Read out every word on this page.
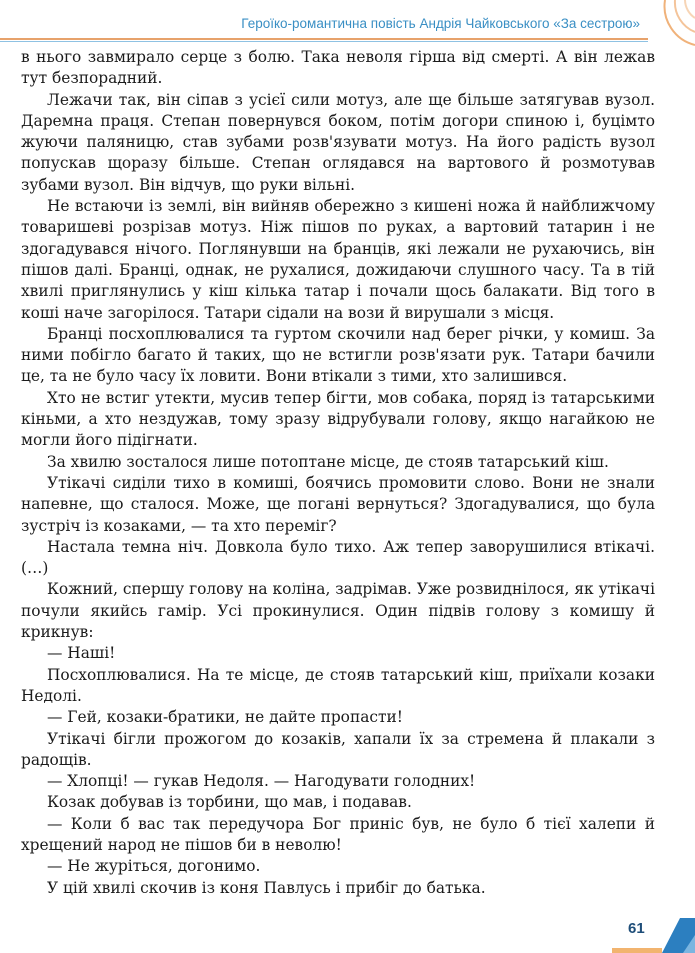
Героїко-романтична повість Андрія Чайковського «За сестрою»

в нього завмирало серце з болю. Така неволя гірша від смерті. А він лежав тут безпорадний.

Лежачи так, він сіпав з усієї сили мотуз, але ще більше затягував вузол. Даремна праця. Степан повернувся боком, потім догори спиною і, буцімто жуючи паляницю, став зубами розв'язувати мотуз. На його радість вузол попускав щоразу більше. Степан оглядався на вартового й розмотував зубами вузол. Він відчув, що руки вільні.

Не встаючи із землі, він вийняв обережно з кишені ножа й найближчому товаришеві розрізав мотуз. Ніж пішов по руках, а вартовий татарин і не здогадувався нічого. Поглянувши на бранців, які лежали не рухаючись, він пішов далі. Бранці, однак, не рухалися, дожидаючи слушного часу. Та в тій хвилі приглянулись у кіш кілька татар і почали щось балакати. Від того в коші наче загорілося. Татари сідали на вози й вирушали з місця.

Бранці посхоплювалися та гуртом скочили над берег річки, у комиш. За ними побігло багато й таких, що не встигли розв'язати рук. Татари бачили це, та не було часу їх ловити. Вони втікали з тими, хто залишився.

Хто не встиг утекти, мусив тепер бігти, мов собака, поряд із татарськими кіньми, а хто нездужав, тому зразу відрубували голову, якщо нагайкою не могли його підігнати.

За хвилю зосталося лише потоптане місце, де стояв татарський кіш.

Утікачі сиділи тихо в комиші, боячись промовити слово. Вони не знали напевне, що сталося. Може, ще погані вернуться? Здогадувалися, що була зустріч із козаками, — та хто переміг?

Настала темна ніч. Довкола було тихо. Аж тепер заворушилися втікачі. (…)

Кожний, спершу голову на коліна, задрімав. Уже розвиднілося, як утікачі почули якийсь гамір. Усі прокинулися. Один підвів голову з комишу й крикнув:

— Наші!

Посхоплювалися. На те місце, де стояв татарський кіш, приїхали козаки Недолі.

— Гей, козаки-братики, не дайте пропасти!

Утікачі бігли прожогом до козаків, хапали їх за стремена й плакали з радощів.

— Хлопці! — гукав Недоля. — Нагодувати голодних!

Козак добував із торбини, що мав, і подавав.

— Коли б вас так передучора Бог приніс був, не було б тієї халепи й хрещений народ не пішов би в неволю!

— Не журіться, догонимо.

У цій хвилі скочив із коня Павлусь і прибіг до батька.

61
